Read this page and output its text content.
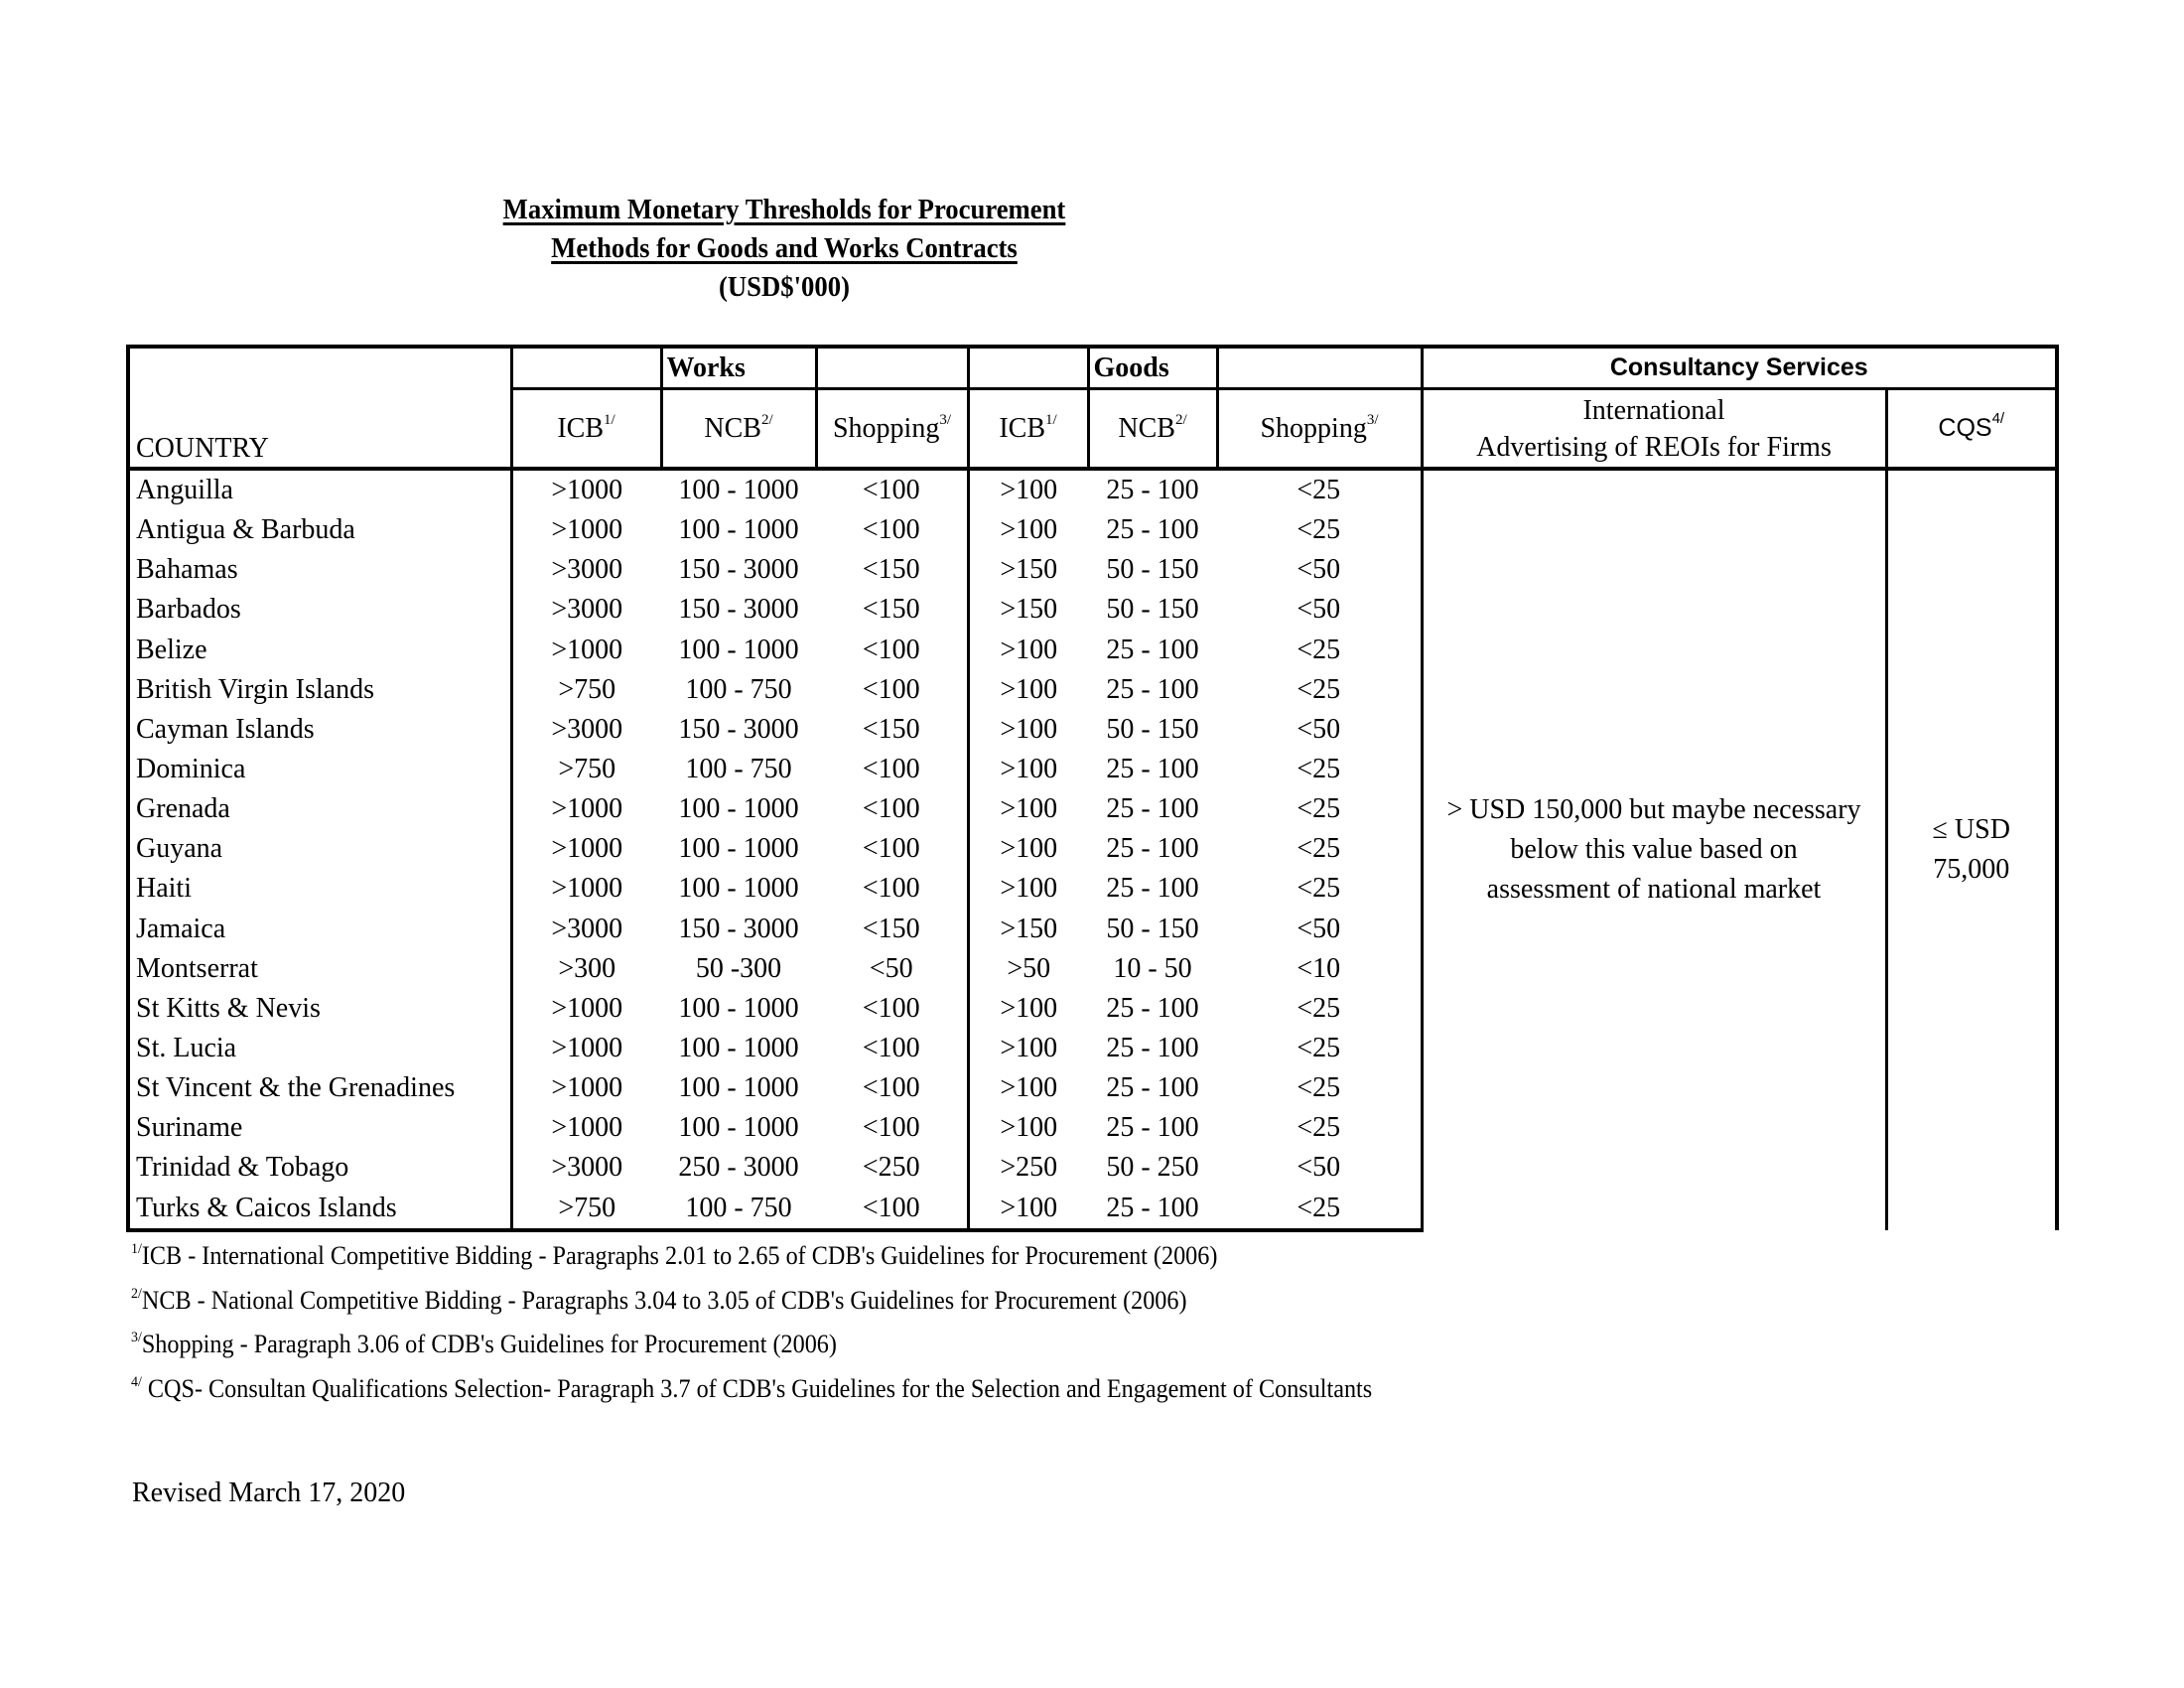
Maximum Monetary Thresholds for Procurement
Methods for Goods and Works Contracts
(USD$'000)
COUNTRY		Works			Goods		Consultancy Services	
	$ICB^{1/}$	$NCB^{2/}$	Shopping$^{3/}$	$ICB^{1/}$	$NCB^{2/}$	Shopping$^{3/}$	International
Advertising of REOIs for Firms	$CQS^{4/}$
Anguilla	>1000	100 - 1000	<100	>100	25 - 100	<25	> USD 150,000 but maybe necessary
below this value based on
assessment of national market	≤ USD
75,000
Antigua & Barbuda	>1000	100 - 1000	<100	>100	25 - 100	<25		
Bahamas	>3000	150 - 3000	<150	>150	50 - 150	<50		
Barbados	>3000	150 - 3000	<150	>150	50 - 150	<50		
Belize	>1000	100 - 1000	<100	>100	25 - 100	<25		
British Virgin Islands	>750	100 - 750	<100	>100	25 - 100	<25		
Cayman Islands	>3000	150 - 3000	<150	>100	50 - 150	<50		
Dominica	>750	100 - 750	<100	>100	25 - 100	<25		
Grenada	>1000	100 - 1000	<100	>100	25 - 100	<25		
Guyana	>1000	100 - 1000	<100	>100	25 - 100	<25		
Haiti	>1000	100 - 1000	<100	>100	25 - 100	<25		
Jamaica	>3000	150 - 3000	<150	>150	50 - 150	<50		
Montserrat	>300	50 -300	<50	>50	10 - 50	<10		
St Kitts & Nevis	>1000	100 - 1000	<100	>100	25 - 100	<25		
St. Lucia	>1000	100 - 1000	<100	>100	25 - 100	<25		
St Vincent & the Grenadines	>1000	100 - 1000	<100	>100	25 - 100	<25		
Suriname	>1000	100 - 1000	<100	>100	25 - 100	<25		
Trinidad & Tobago	>3000	250 - 3000	<250	>250	50 - 250	<50		
Turks & Caicos Islands	>750	100 - 750	<100	>100	25 - 100	<25		
$^{1/}$ICB - International Competitive Bidding - Paragraphs 2.01 to 2.65 of CDB's Guidelines for Procurement (2006)
$^{2/}$NCB - National Competitive Bidding - Paragraphs 3.04 to 3.05 of CDB's Guidelines for Procurement (2006)
$^{3/}$Shopping - Paragraph 3.06 of CDB's Guidelines for Procurement (2006)
$^{4/}$ CQS- Consultan Qualifications Selection- Paragraph 3.7 of CDB's Guidelines for the Selection and Engagement of Consultants
Revised March 17, 2020
